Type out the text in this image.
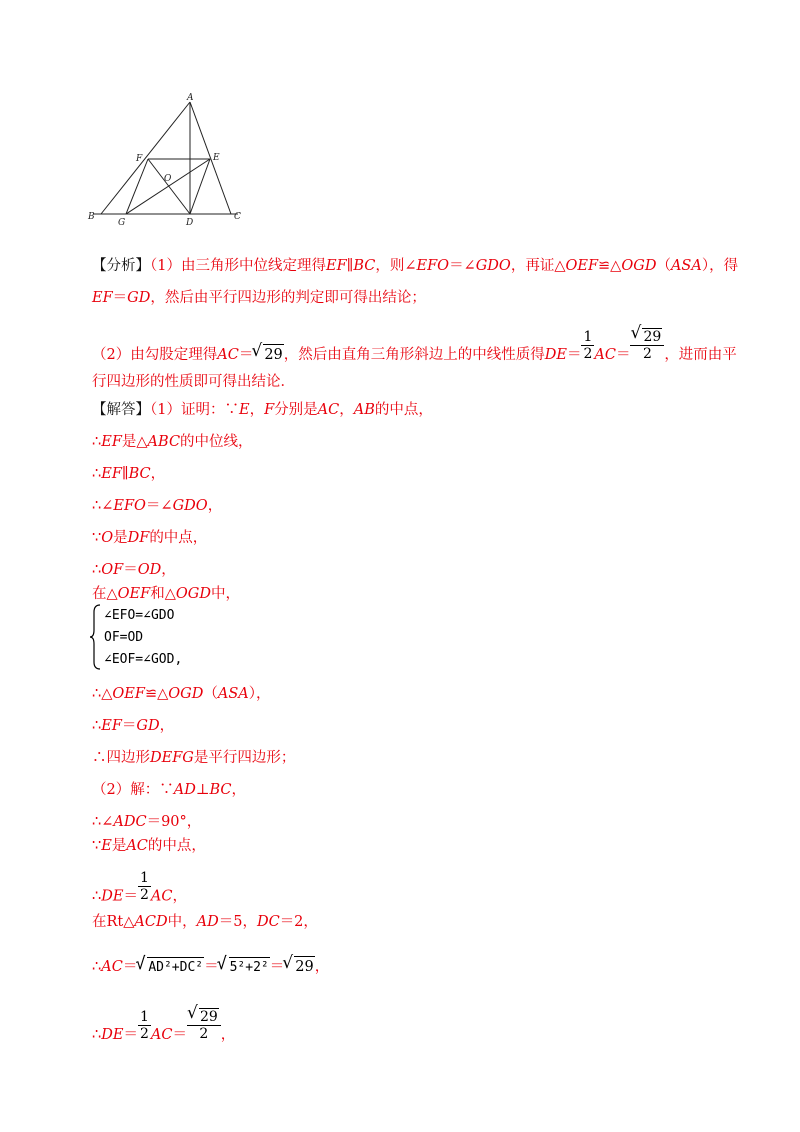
A
F	E
O
B
G	D
C
【分析】（1）由三角形中位线定理得EF∥BC，则∠EFO＝∠GDO，再证△OEF≌△OGD（ASA），得
EF＝GD，然后由平行四边形的判定即可得出结论；
（2）由勾股定理得AC＝ √ 29，然后由直角三角形斜边上的中线性质得$DE= \frac{1}{2} AC=$ √ $\frac{29}{2}$ ，进而由平
行四边形的性质即可得出结论．
【解答】（1）证明：∵E，F分别是AC，AB的中点，
∴EF是△ABC的中位线，
∴EF∥BC，
∴∠EFO＝∠GDO，
∵O是DF的中点，
∴OF＝OD，
在△OEF和△OGD中，
∠EFO=∠GDO
OF=OD
∠EOF=∠GOD,
∴△OEF≌△OGD（ASA），
∴EF＝GD，
∴四边形DEFG是平行四边形；
（2）解：∵AD⊥BC，
∴∠ADC＝90°，
∵E是AC的中点，
∴DE＝ $\frac{1}{2}$ AC，
在Rt△ACD中，AD＝5，DC＝2，
∴AC＝ √ AD²+DC²＝ √ 5²+2²＝ √ 29，
∴DE＝ $\frac{1}{2} AC=$ √ $\frac{29}{2}$ ，
